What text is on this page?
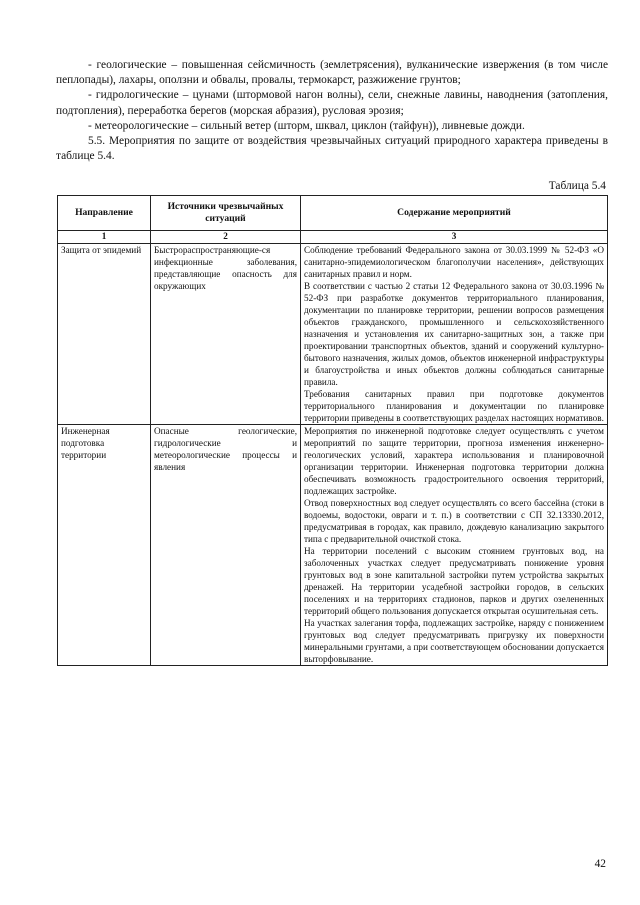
- геологические – повышенная сейсмичность (землетрясения), вулканические извержения (в том числе пеплопады), лахары, оползни и обвалы, провалы, термокарст, разжижение грунтов;

- гидрологические – цунами (штормовой нагон волны), сели, снежные лавины, наводнения (затопления, подтопления), переработка берегов (морская абразия), русловая эрозия;

- метеорологические – сильный ветер (шторм, шквал, циклон (тайфун)), ливневые дожди.

5.5. Мероприятия по защите от воздействия чрезвычайных ситуаций природного характера приведены в таблице 5.4.

Таблица 5.4
Направление	Источники чрезвычайных ситуаций	Содержание мероприятий
1	2	3
Защита от эпидемий	Быстрораспространяющие-ся инфекционные заболевания, представляющие опасность для окружающих	Соблюдение требований Федерального закона от 30.03.1999 № 52-ФЗ «О санитарно-эпидемиологическом благополучии населения», действующих санитарных правил и норм.

В соответствии с частью 2 статьи 12 Федерального закона от 30.03.1996 № 52-ФЗ при разработке документов территориального планирования, документации по планировке территории, решении вопросов размещения объектов гражданского, промышленного и сельскохозяйственного назначения и установления их санитарно-защитных зон, а также при проектировании транспортных объектов, зданий и сооружений культурно-бытового назначения, жилых домов, объектов инженерной инфраструктуры и благоустройства и иных объектов должны соблюдаться санитарные правила.

Требования санитарных правил при подготовке документов территориального планирования и документации по планировке территории приведены в соответствующих разделах настоящих нормативов.

Инженерная подготовка территории	Опасные геологические, гидрологические и метеорологические процессы и явления	Мероприятия по инженерной подготовке следует осуществлять с учетом мероприятий по защите территории, прогноза изменения инженерно-геологических условий, характера использования и планировочной организации территории. Инженерная подготовка территории должна обеспечивать возможность градостроительного освоения территорий, подлежащих застройке.

Отвод поверхностных вод следует осуществлять со всего бассейна (стоки в водоемы, водостоки, овраги и т. п.) в соответствии с СП 32.13330.2012, предусматривая в городах, как правило, дождевую канализацию закрытого типа с предварительной очисткой стока.

На территории поселений с высоким стоянием грунтовых вод, на заболоченных участках следует предусматривать понижение уровня грунтовых вод в зоне капитальной застройки путем устройства закрытых дренажей. На территории усадебной застройки городов, в сельских поселениях и на территориях стадионов, парков и других озелененных территорий общего пользования допускается открытая осушительная сеть.

На участках залегания торфа, подлежащих застройке, наряду с понижением грунтовых вод следует предусматривать пригрузку их поверхности минеральными грунтами, а при соответствующем обосновании допускается выторфовывание.

42
